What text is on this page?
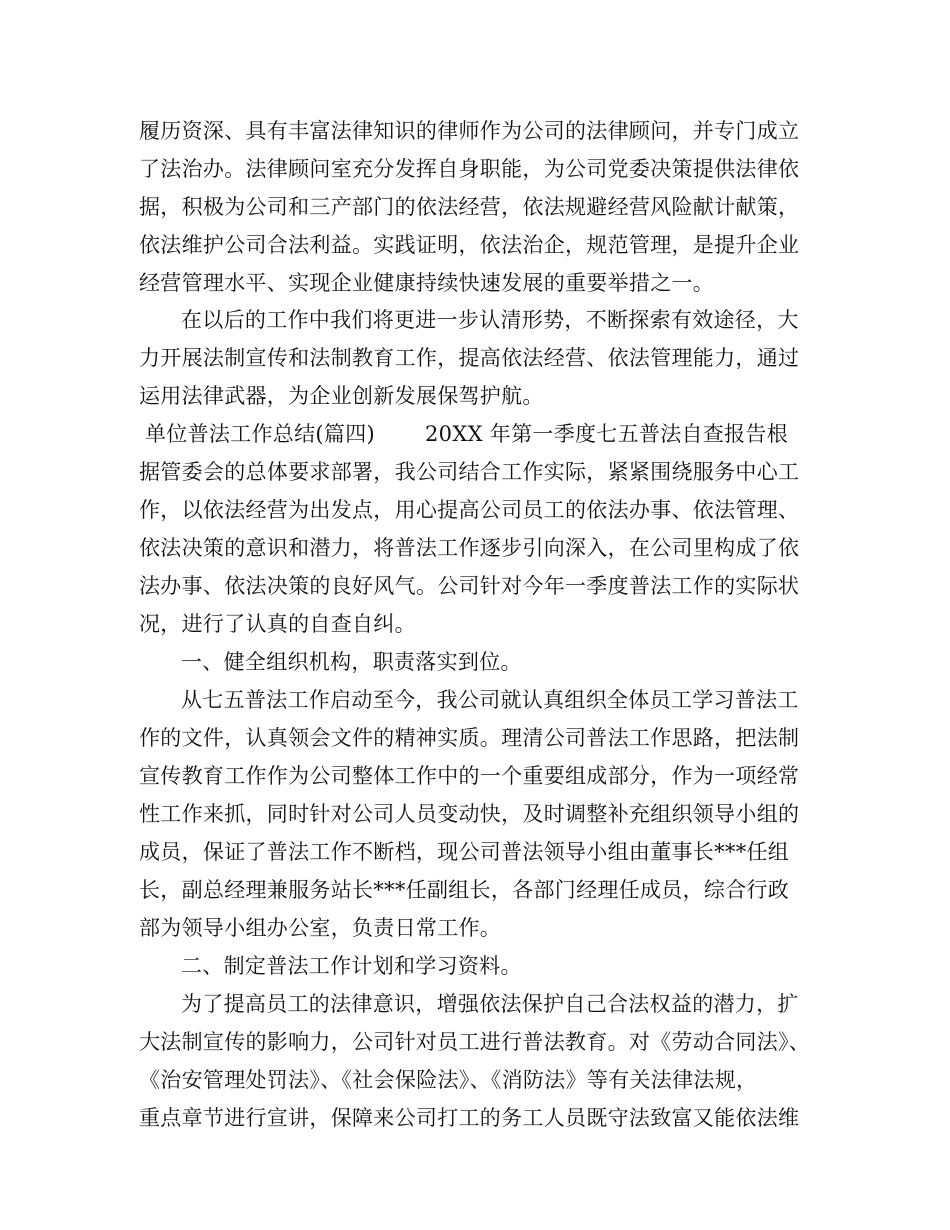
履历资深、具有丰富法律知识的律师作为公司的法律顾问，并专门成立
了法治办。法律顾问室充分发挥自身职能，为公司党委决策提供法律依
据，积极为公司和三产部门的依法经营，依法规避经营风险献计献策，
依法维护公司合法利益。实践证明，依法治企，规范管理，是提升企业
经营管理水平、实现企业健康持续快速发展的重要举措之一。
在以后的工作中我们将更进一步认清形势，不断探索有效途径，大
力开展法制宣传和法制教育工作，提高依法经营、依法管理能力，通过
运用法律武器，为企业创新发展保驾护航。
单位普法工作总结(篇四) 20XX 年第一季度七五普法自查报告根
据管委会的总体要求部署，我公司结合工作实际，紧紧围绕服务中心工
作，以依法经营为出发点，用心提高公司员工的依法办事、依法管理、
依法决策的意识和潜力，将普法工作逐步引向深入，在公司里构成了依
法办事、依法决策的良好风气。公司针对今年一季度普法工作的实际状
况，进行了认真的自查自纠。
一、健全组织机构，职责落实到位。
从七五普法工作启动至今，我公司就认真组织全体员工学习普法工
作的文件，认真领会文件的精神实质。理清公司普法工作思路，把法制
宣传教育工作作为公司整体工作中的一个重要组成部分，作为一项经常
性工作来抓，同时针对公司人员变动快，及时调整补充组织领导小组的
成员，保证了普法工作不断档，现公司普法领导小组由董事长***任组
长，副总经理兼服务站长***任副组长，各部门经理任成员，综合行政
部为领导小组办公室，负责日常工作。
二、制定普法工作计划和学习资料。
为了提高员工的法律意识，增强依法保护自己合法权益的潜力，扩
大法制宣传的影响力，公司针对员工进行普法教育。对《劳动合同法》、
《治安管理处罚法》、《社会保险法》、《消防法》等有关法律法规，
重点章节进行宣讲，保障来公司打工的务工人员既守法致富又能依法维
